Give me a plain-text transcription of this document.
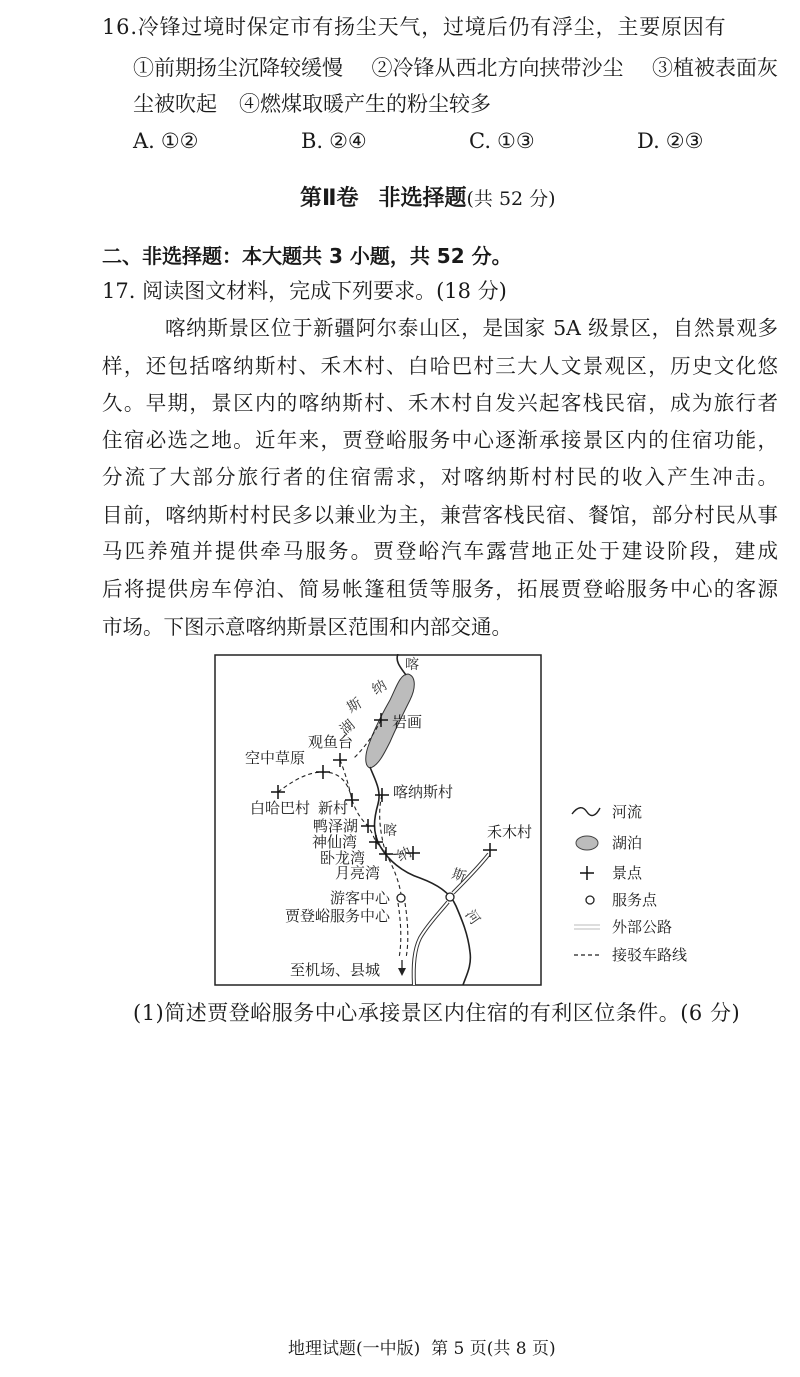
16.冷锋过境时保定市有扬尘天气，过境后仍有浮尘，主要原因有
①前期扬尘沉降较缓慢 ②冷锋从西北方向挟带沙尘 ③植被表面灰
尘被吹起 ④燃煤取暖产生的粉尘较多
A. ①②	B. ②④	C. ①③	D. ②③
第Ⅱ卷 非选择题(共 52 分)
二、非选择题：本大题共 3 小题，共 52 分。
17. 阅读图文材料，完成下列要求。(18 分)
喀纳斯景区位于新疆阿尔泰山区，是国家 5A 级景区，自然景观多
样，还包括喀纳斯村、禾木村、白哈巴村三大人文景观区，历史文化悠
久。早期，景区内的喀纳斯村、禾木村自发兴起客栈民宿，成为旅行者
住宿必选之地。近年来，贾登峪服务中心逐渐承接景区内的住宿功能，
分流了大部分旅行者的住宿需求，对喀纳斯村村民的收入产生冲击。
目前，喀纳斯村村民多以兼业为主，兼营客栈民宿、餐馆，部分村民从事
马匹养殖并提供牵马服务。贾登峪汽车露营地正处于建设阶段，建成
后将提供房车停泊、简易帐篷租赁等服务，拓展贾登峪服务中心的客源
市场。下图示意喀纳斯景区范围和内部交通。
喀
纳
斯
湖
喀
纳
斯
河
岩画
观鱼台
空中草原
白哈巴村 新村
喀纳斯村
鸭泽湖
神仙湾
卧龙湾
月亮湾
禾木村
游客中心
贾登峪服务中心
至机场、县城
河流
湖泊
景点
服务点
外部公路
接驳车路线
(1)简述贾登峪服务中心承接景区内住宿的有利区位条件。(6 分)
地理试题(一中版)  第 5 页(共 8 页)
